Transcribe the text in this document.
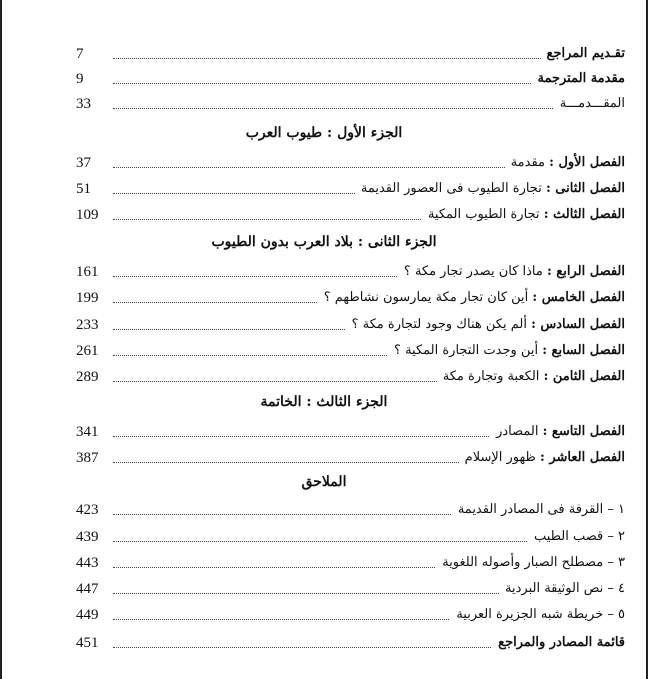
7	تقـديم المراجع
9	مقدمة المترجمة
33	المقـــدمـــة
الجزء الأول : طيوب العرب
37	الفصل الأول : مقدمة
51	الفصل الثانى : تجارة الطيوب فى العصور القديمة
109	الفصل الثالث : تجارة الطيوب المكية
الجزء الثانى : بلاد العرب بدون الطيوب
161	الفصل الرابع : ماذا كان يصدر تجار مكة ؟
199	الفصل الخامس : أين كان تجار مكة يمارسون نشاطهم ؟
233	الفصل السادس : ألم يكن هناك وجود لتجارة مكة ؟
261	الفصل السابع : أين وجدت التجارة المكية ؟
289	الفصل الثامن : الكعبة وتجارة مكة
الجزء الثالث : الخاتمة
341	الفصل التاسع : المصادر
387	الفصل العاشر : ظهور الإسلام
الملاحق
423	١ – القرفة فى المصادر القديمة
439	٢ – قصب الطيب
443	٣ – مصطلح الصبار وأصوله اللغوية
447	٤ – نص الوثيقة البردية
449	٥ – خريطة شبه الجزيرة العربية
451	قائمة المصادر والمراجع
